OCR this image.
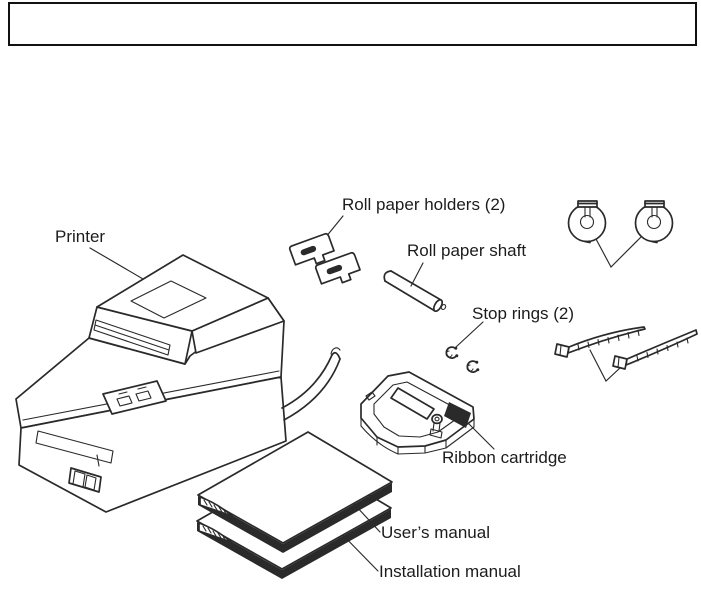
Printer
Roll paper holders (2)
Roll paper shaft
Stop rings (2)
Ribbon cartridge
User’s manual
Installation manual
